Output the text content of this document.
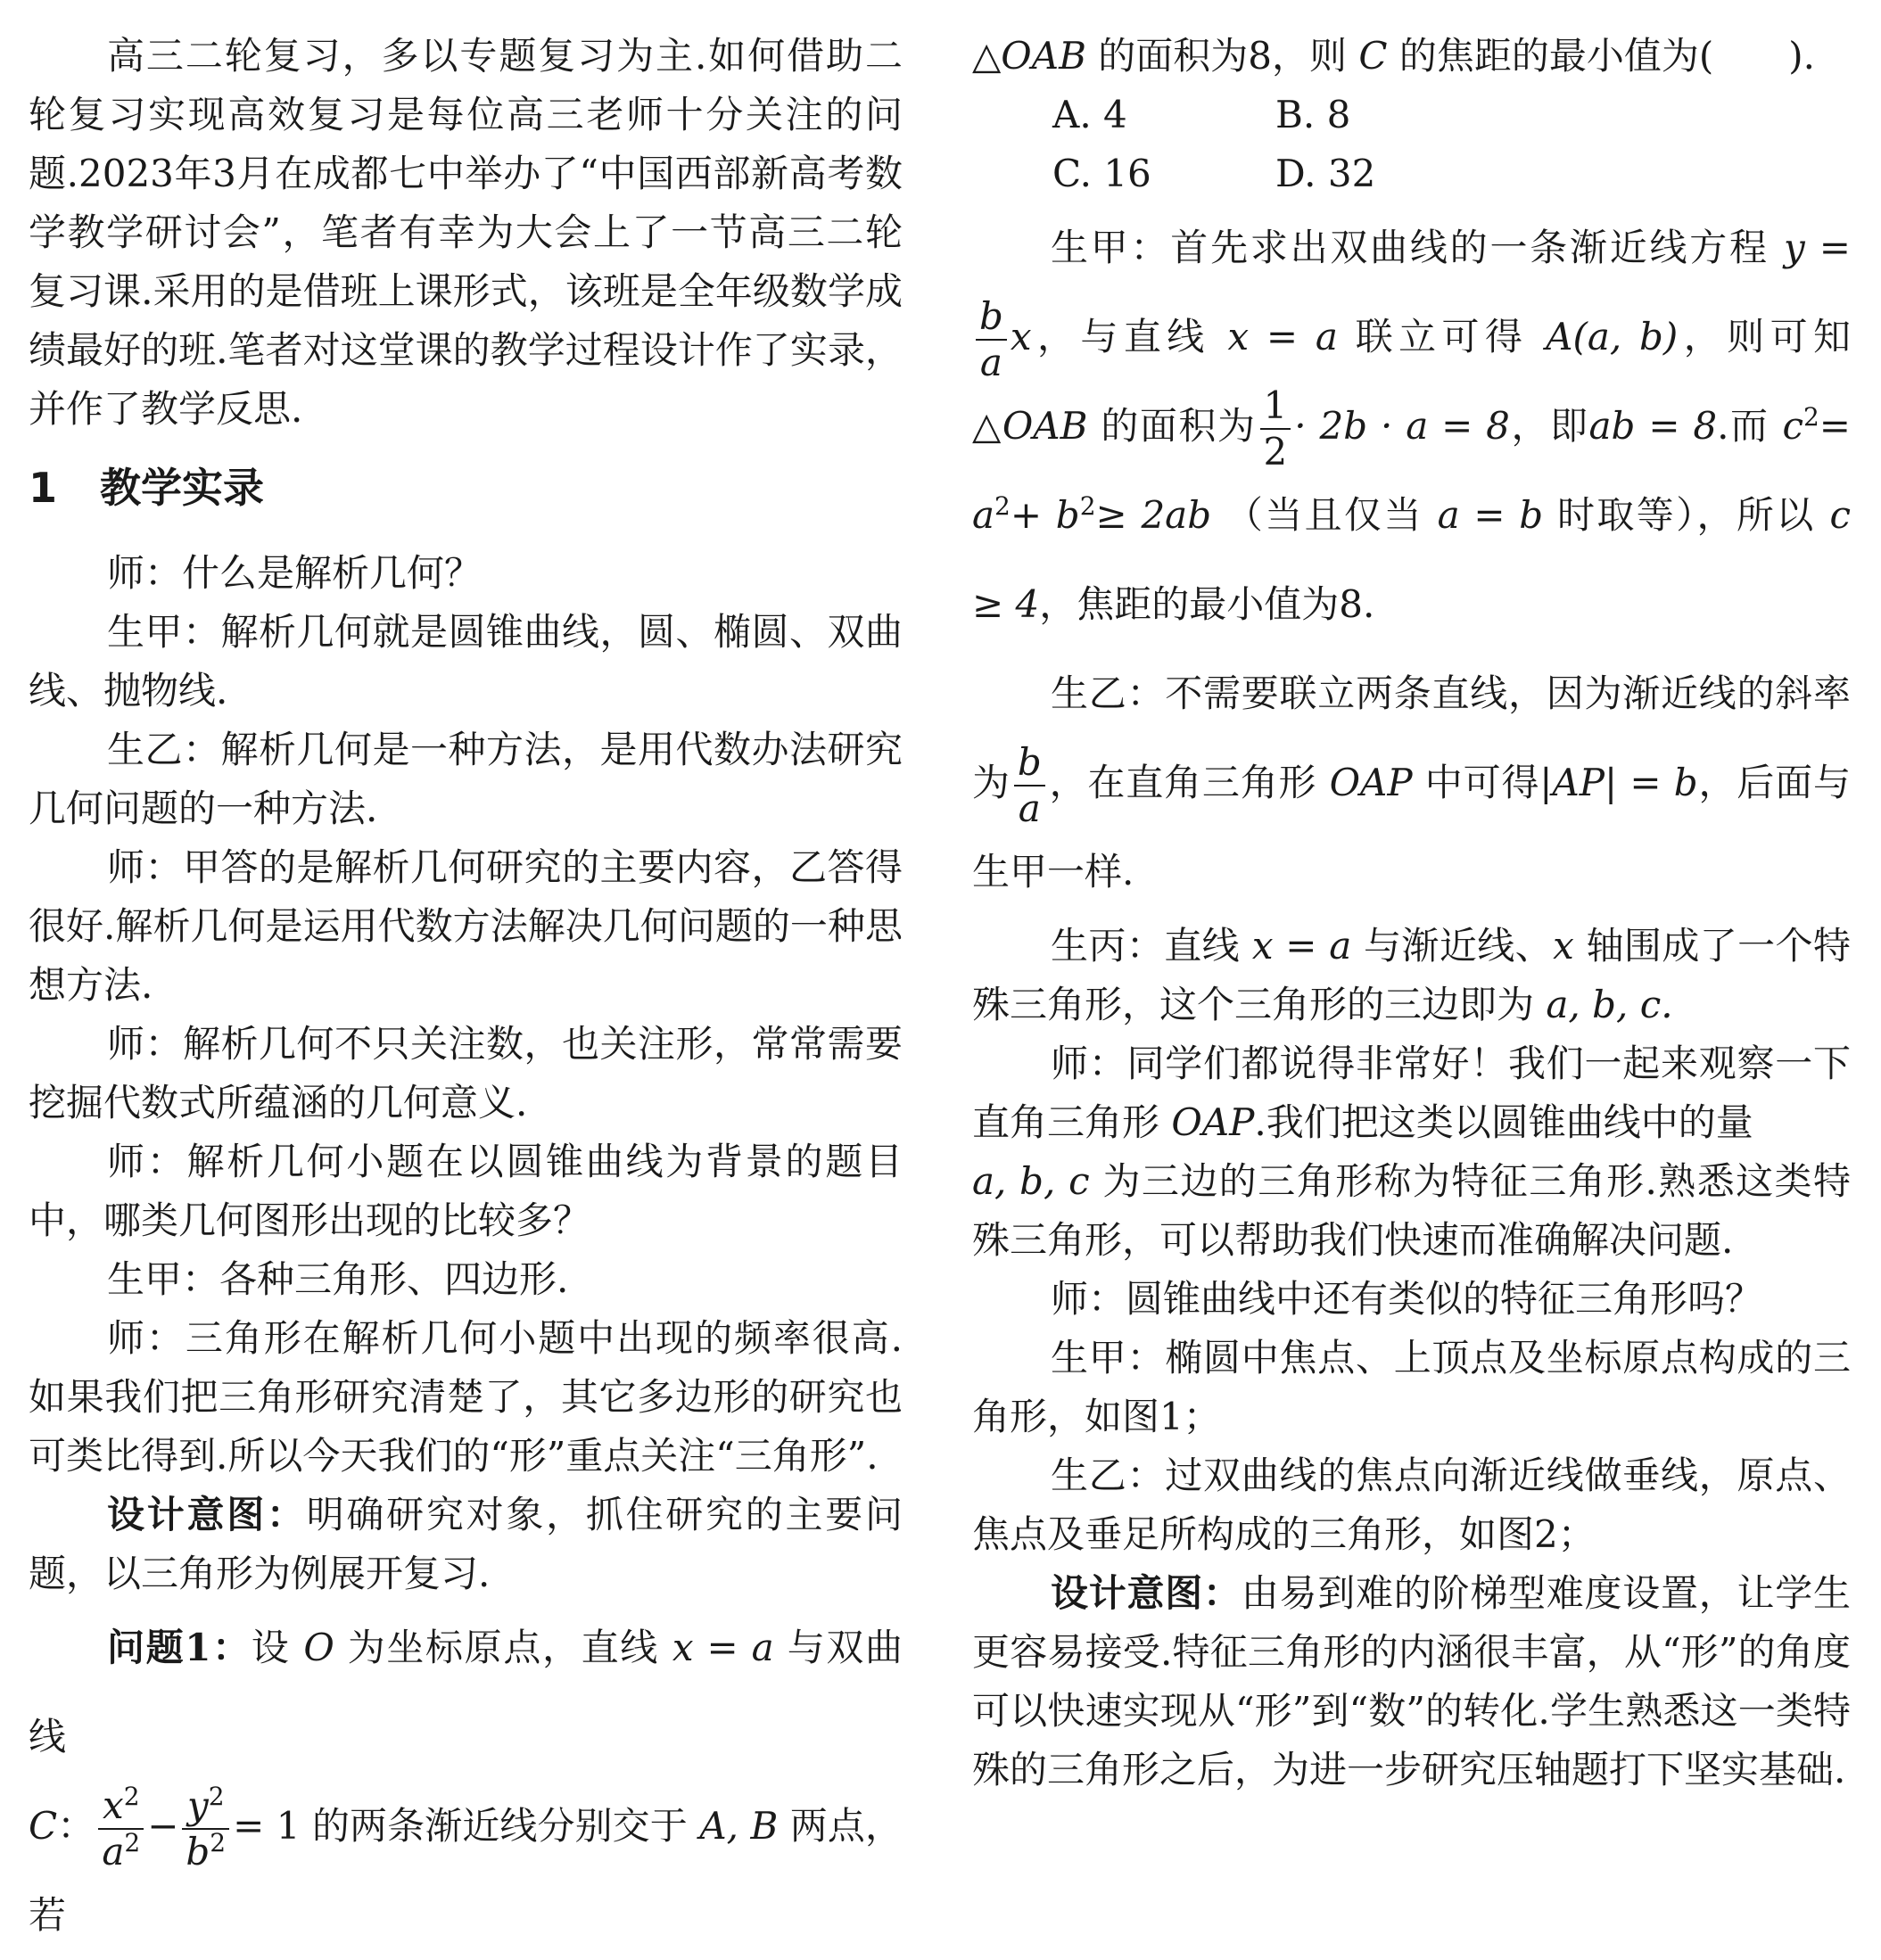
高三二轮复习，多以专题复习为主.如何借助二轮复习实现高效复习是每位高三老师十分关注的问题.2023年3月在成都七中举办了“中国西部新高考数学教学研讨会”，笔者有幸为大会上了一节高三二轮复习课.采用的是借班上课形式，该班是全年级数学成绩最好的班.笔者对这堂课的教学过程设计作了实录，并作了教学反思.

1 教学实录

师：什么是解析几何？

生甲：解析几何就是圆锥曲线，圆、椭圆、双曲线、抛物线.

生乙：解析几何是一种方法，是用代数办法研究几何问题的一种方法.

师：甲答的是解析几何研究的主要内容，乙答得很好.解析几何是运用代数方法解决几何问题的一种思想方法.

师：解析几何不只关注数，也关注形，常常需要挖掘代数式所蕴涵的几何意义.

师：解析几何小题在以圆锥曲线为背景的题目中，哪类几何图形出现的比较多？

生甲：各种三角形、四边形.

师：三角形在解析几何小题中出现的频率很高.如果我们把三角形研究清楚了，其它多边形的研究也可类比得到.所以今天我们的“形”重点关注“三角形”.

设计意图：明确研究对象，抓住研究的主要问题，以三角形为例展开复习.

问题1：设 O 为坐标原点，直线 x = a 与双曲线
C： $\frac{x^2}{a^2} - \frac{y^2}{b^2} = 1$ 的两条渐近线分别交于 A, B 两点，若

△OAB 的面积为8，则 C 的焦距的最小值为(　　).

A. 4	B. 8
C. 16	D. 32

生甲：首先求出双曲线的一条渐近线方程 y =
$\frac{b}{a}$ x，与直线 x = a 联立可得 A(a, b)，则可知△OAB 的面积为 $\frac{1}{2} \cdot 2b \cdot a = 8$，即ab = 8.而 $c^2= a^2+ b^2\ge 2ab$ （当且仅当 a = b 时取等），所以 c ≥ 4，焦距的最小值为8.

生乙：不需要联立两条直线，因为渐近线的斜率为 $\frac{b}{a}$ ，在直角三角形 OAP 中可得|AP| = b，后面与生甲一样.

生丙：直线 x = a 与渐近线、x 轴围成了一个特殊三角形，这个三角形的三边即为 a, b, c.

师：同学们都说得非常好！我们一起来观察一下直角三角形 OAP.我们把这类以圆锥曲线中的量
a, b, c 为三边的三角形称为特征三角形.熟悉这类特殊三角形，可以帮助我们快速而准确解决问题.

师：圆锥曲线中还有类似的特征三角形吗？

生甲：椭圆中焦点、上顶点及坐标原点构成的三角形，如图1；

生乙：过双曲线的焦点向渐近线做垂线，原点、焦点及垂足所构成的三角形，如图2；

设计意图：由易到难的阶梯型难度设置，让学生更容易接受.特征三角形的内涵很丰富，从“形”的角度可以快速实现从“形”到“数”的转化.学生熟悉这一类特殊的三角形之后，为进一步研究压轴题打下坚实基础.
